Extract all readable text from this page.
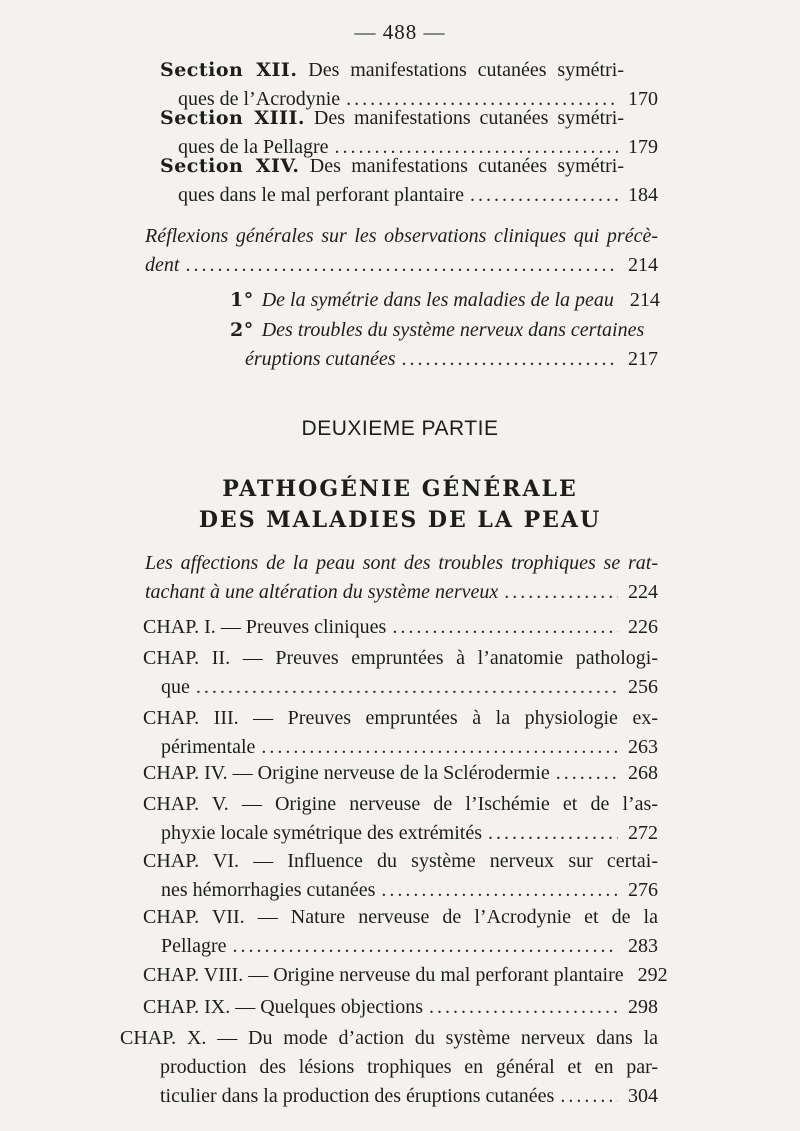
— 488 —
Section XII. Des manifestations cutanées symétri-
ques de l’Acrodynie . . .	170
Section XIII. Des manifestations cutanées symétri-
ques de la Pellagre . . .	179
Section XIV. Des manifestations cutanées symétri-
ques dans le mal perforant plantaire . . .	184
Réflexions générales sur les observations cliniques qui précè-
dent . . .	214
1° De la symétrie dans les maladies de la peau 214
2° Des troubles du système nerveux dans certaines
éruptions cutanées . . .	217
DEUXIEME PARTIE
PATHOGÉNIE GÉNÉRALE
DES MALADIES DE LA PEAU
Les affections de la peau sont des troubles trophiques se rat-
tachant à une altération du système nerveux . . .	224
CHAP. I. — Preuves cliniques . . .	226
CHAP. II. — Preuves empruntées à l’anatomie pathologi-
que . . .	256
CHAP. III. — Preuves empruntées à la physiologie ex-
périmentale . . .	263
CHAP. IV. — Origine nerveuse de la Sclérodermie . . .	268
CHAP. V. — Origine nerveuse de l’Ischémie et de l’as-
phyxie locale symétrique des extrémités . . .	272
CHAP. VI. — Influence du système nerveux sur certai-
nes hémorrhagies cutanées . . .	276
CHAP. VII. — Nature nerveuse de l’Acrodynie et de la
Pellagre . . .	283
CHAP. VIII. — Origine nerveuse du mal perforant plantaire 292
CHAP. IX. — Quelques objections . . .	298
CHAP. X. — Du mode d’action du système nerveux dans la
production des lésions trophiques en général et en par-
ticulier dans la production des éruptions cutanées . . .	304
